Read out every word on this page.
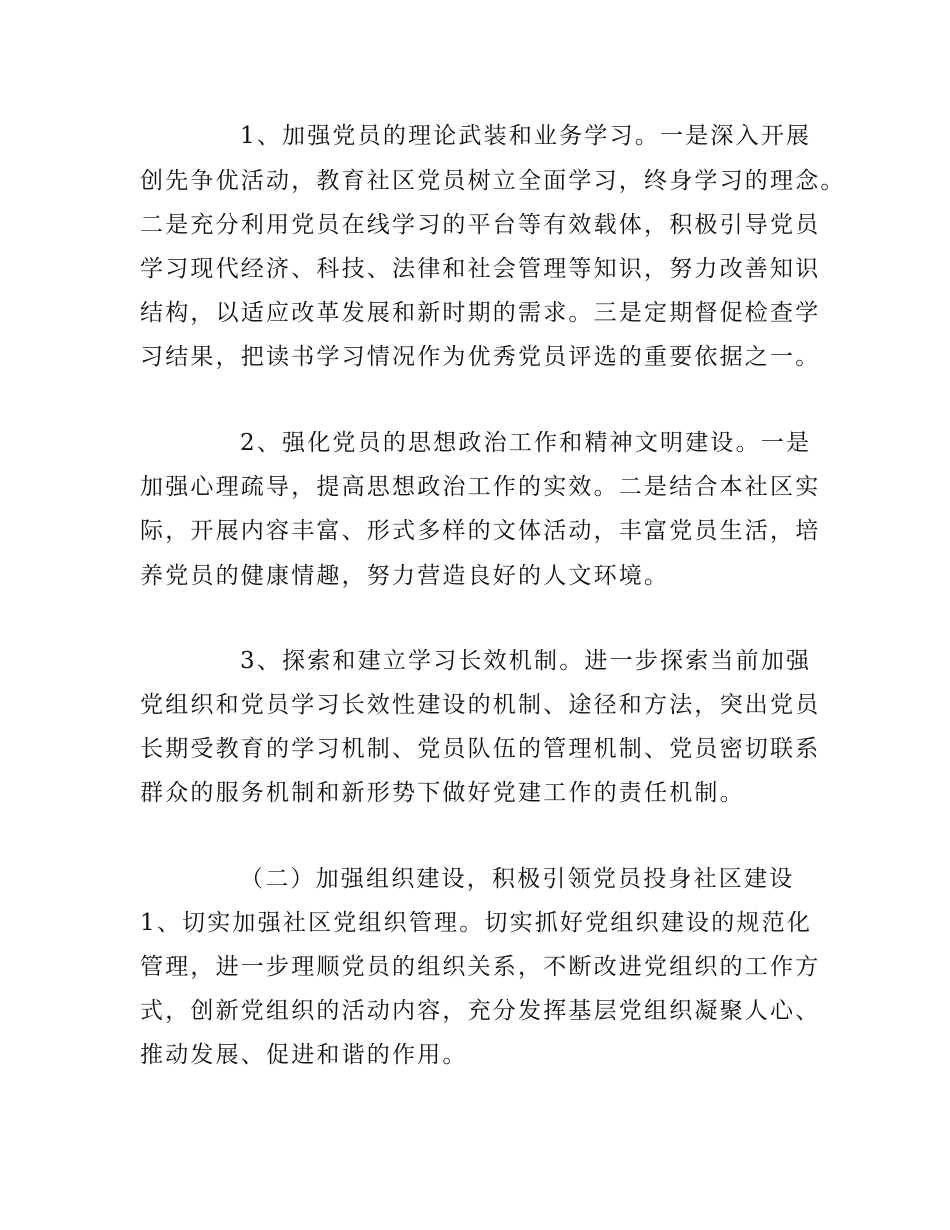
1、加强党员的理论武装和业务学习。一是深入开展

创先争优活动，教育社区党员树立全面学习，终身学习的理念。

二是充分利用党员在线学习的平台等有效载体，积极引导党员

学习现代经济、科技、法律和社会管理等知识，努力改善知识

结构，以适应改革发展和新时期的需求。三是定期督促检查学

习结果，把读书学习情况作为优秀党员评选的重要依据之一。

2、强化党员的思想政治工作和精神文明建设。一是

加强心理疏导，提高思想政治工作的实效。二是结合本社区实

际，开展内容丰富、形式多样的文体活动，丰富党员生活，培

养党员的健康情趣，努力营造良好的人文环境。

3、探索和建立学习长效机制。进一步探索当前加强

党组织和党员学习长效性建设的机制、途径和方法，突出党员

长期受教育的学习机制、党员队伍的管理机制、党员密切联系

群众的服务机制和新形势下做好党建工作的责任机制。

（二）加强组织建设，积极引领党员投身社区建设

1、切实加强社区党组织管理。切实抓好党组织建设的规范化

管理，进一步理顺党员的组织关系，不断改进党组织的工作方

式，创新党组织的活动内容，充分发挥基层党组织凝聚人心、

推动发展、促进和谐的作用。
